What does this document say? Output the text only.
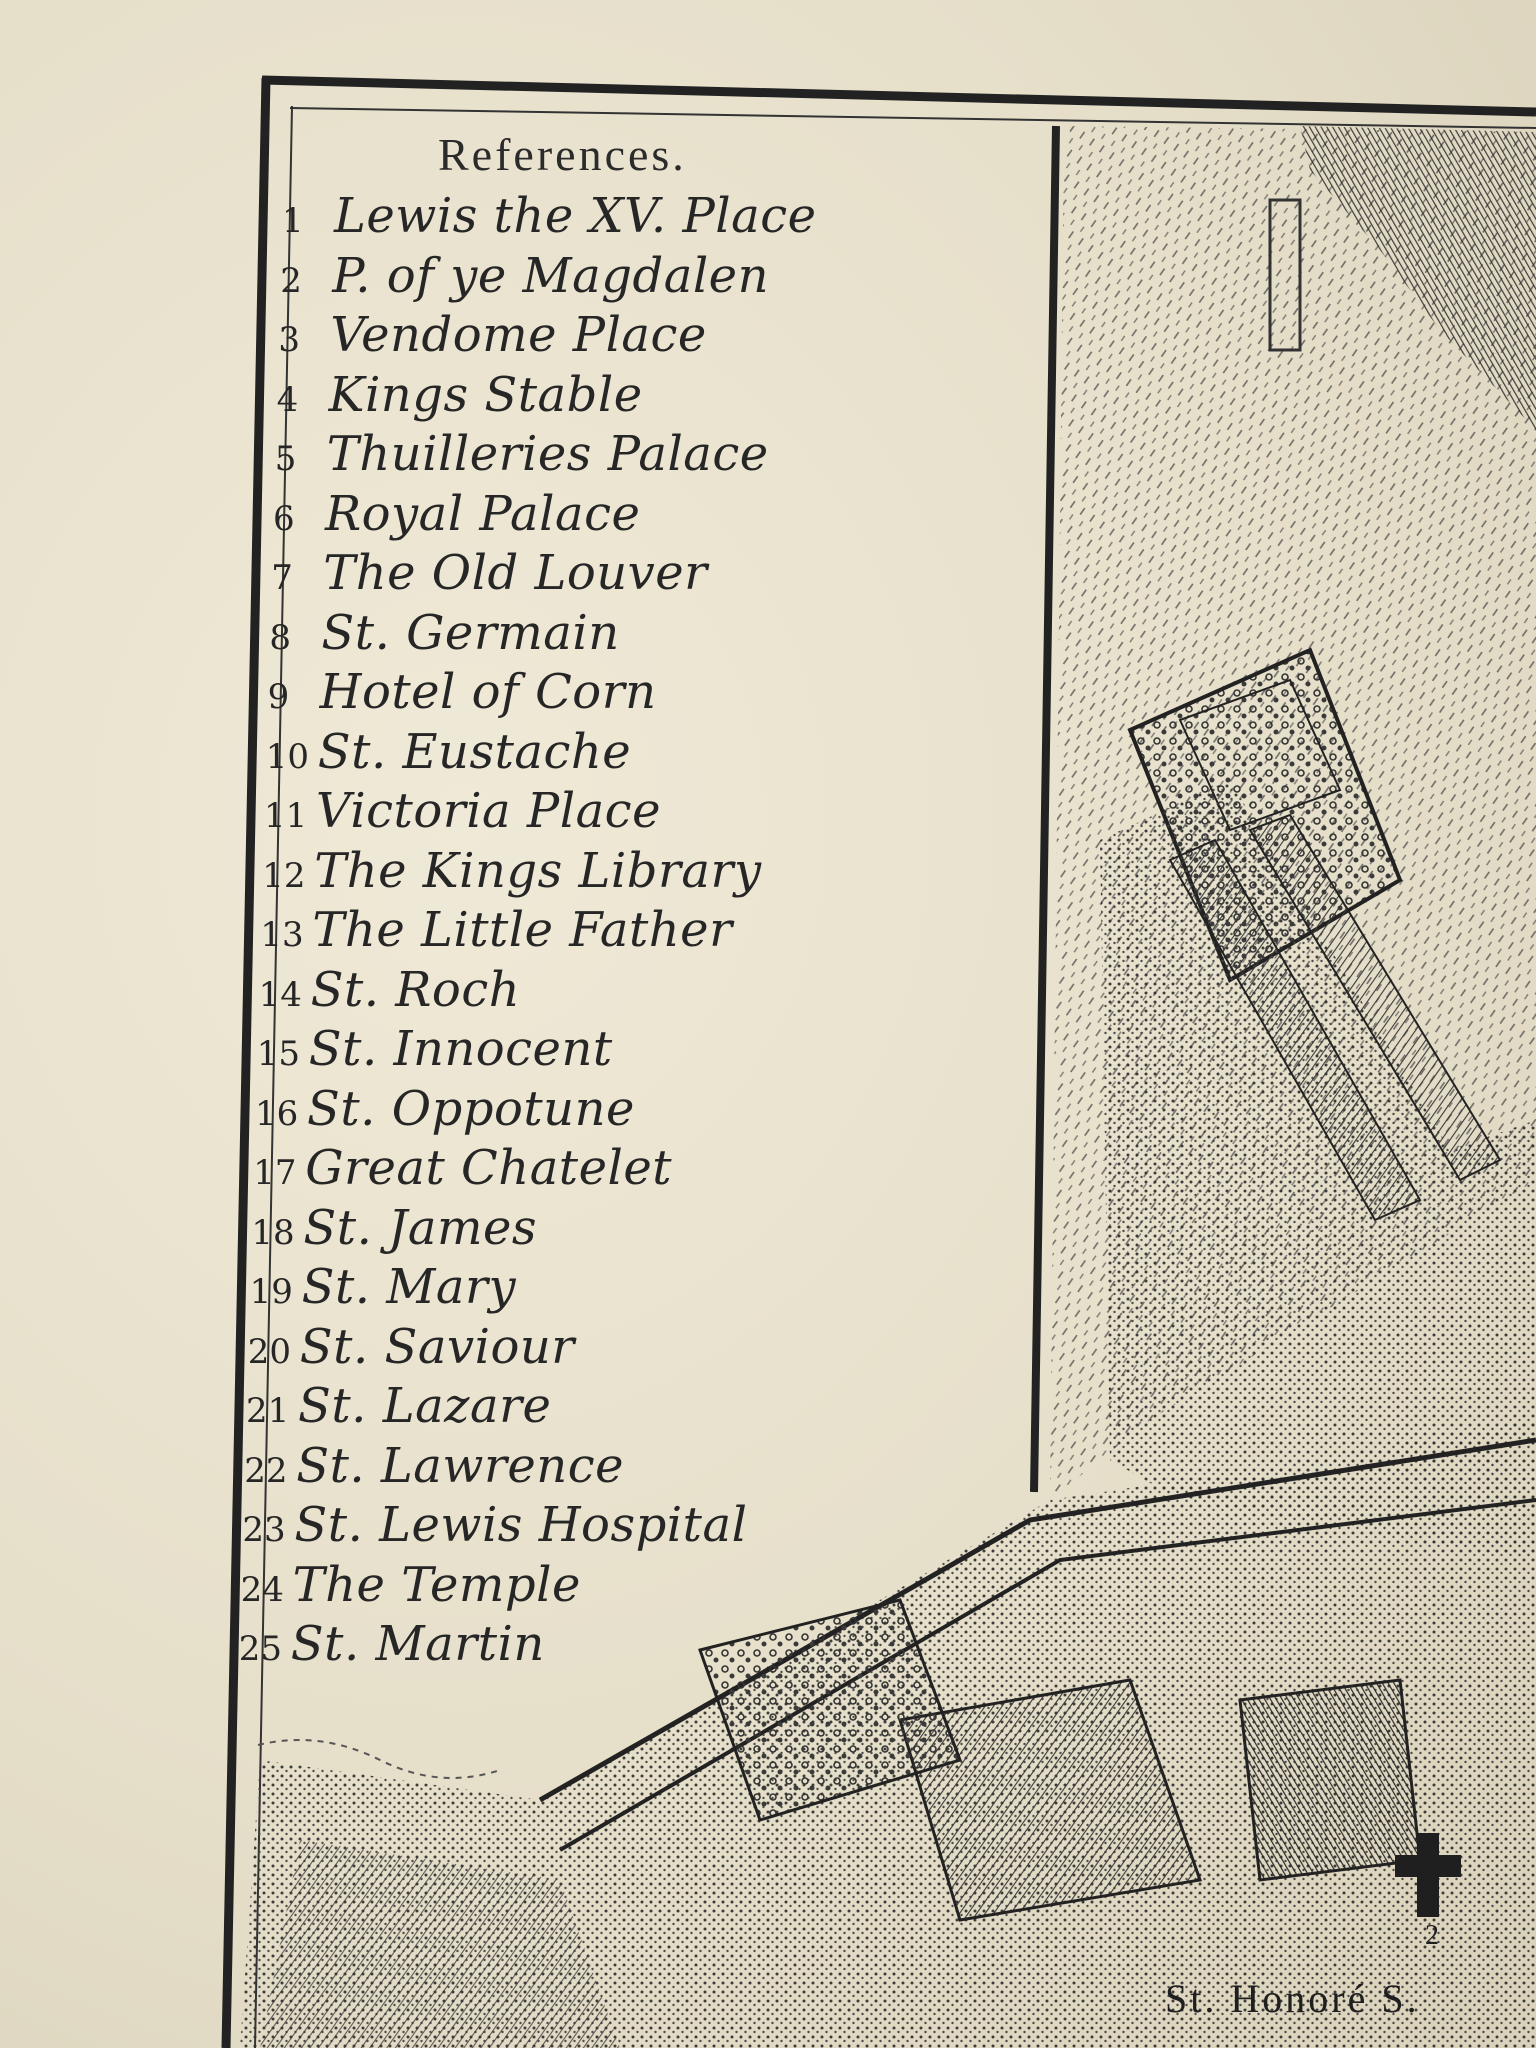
References.
1 Lewis the XV. Place
2 P. of ye Magdalen
3 Vendome Place
4 Kings Stable
5 Thuilleries Palace
6 Royal Palace
7 The Old Louver
8 St. Germain
9 Hotel of Corn
10 St. Eustache
11 Victoria Place
12 The Kings Library
13 The Little Father
14 St. Roch
15 St. Innocent
16 St. Oppotune
17 Great Chatelet
18 St. James
19 St. Mary
20 St. Saviour
21 St. Lazare
22 St. Lawrence
23 St. Lewis Hospital
24 The Temple
25 St. Martin
St. Honoré S.
2
